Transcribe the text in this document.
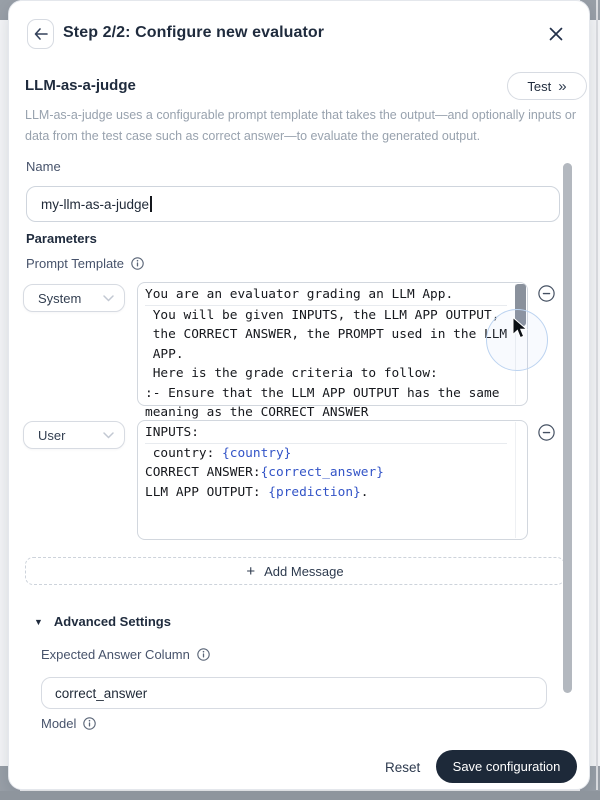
Step 2/2: Configure new evaluator
LLM-as-a-judge	Test »
LLM-as-a-judge uses a configurable prompt template that takes the output—and optionally inputs or data from the test case such as correct answer—to evaluate the generated output.
Name
my-llm-as-a-judge
Parameters
Prompt Template
System	You are an evaluator grading an LLM App.
You will be given INPUTS, the LLM APP OUTPUT,
the CORRECT ANSWER, the PROMPT used in the LLM
APP.
Here is the grade criteria to follow:
:- Ensure that the LLM APP OUTPUT has the same
meaning as the CORRECT ANSWER
User	INPUTS:
country: {country}
CORRECT ANSWER:{correct_answer}
LLM APP OUTPUT: {prediction}.
+ Add Message
▼ Advanced Settings
Expected Answer Column
correct_answer
Model
Reset	Save configuration
